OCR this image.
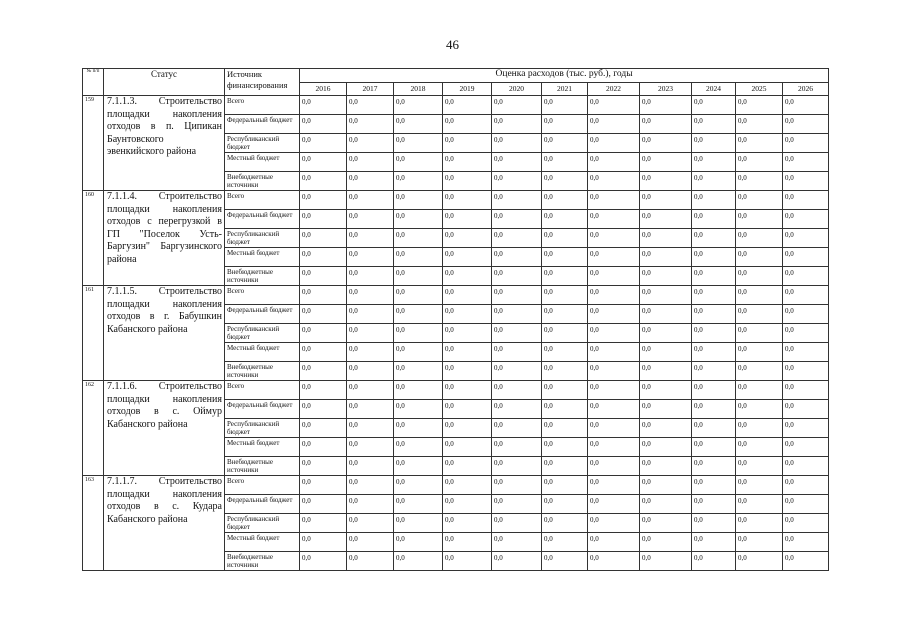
46
№ п/п	Статус	Источник финансирования	Оценка расходов (тыс. руб.), годы										
			2016	2017	2018	2019	2020	2021	2022	2023	2024	2025	2026
159	7.1.1.3. Строительство площадки накопления отходов в п. Ципикан Баунтовского эвенкийского района	Всего	0,0	0,0	0,0	0,0	0,0	0,0	0,0	0,0	0,0	0,0	0,0
		Федеральный бюджет	0,0	0,0	0,0	0,0	0,0	0,0	0,0	0,0	0,0	0,0	0,0
		Республиканский бюджет	0,0	0,0	0,0	0,0	0,0	0,0	0,0	0,0	0,0	0,0	0,0
		Местный бюджет	0,0	0,0	0,0	0,0	0,0	0,0	0,0	0,0	0,0	0,0	0,0
		Внебюджетные источники	0,0	0,0	0,0	0,0	0,0	0,0	0,0	0,0	0,0	0,0	0,0
160	7.1.1.4. Строительство площадки накопления отходов с перегрузкой в ГП "Поселок Усть-Баргузин" Баргузинского района	Всего	0,0	0,0	0,0	0,0	0,0	0,0	0,0	0,0	0,0	0,0	0,0
		Федеральный бюджет	0,0	0,0	0,0	0,0	0,0	0,0	0,0	0,0	0,0	0,0	0,0
		Республиканский бюджет	0,0	0,0	0,0	0,0	0,0	0,0	0,0	0,0	0,0	0,0	0,0
		Местный бюджет	0,0	0,0	0,0	0,0	0,0	0,0	0,0	0,0	0,0	0,0	0,0
		Внебюджетные источники	0,0	0,0	0,0	0,0	0,0	0,0	0,0	0,0	0,0	0,0	0,0
161	7.1.1.5. Строительство площадки накопления отходов в г. Бабушкин Кабанского района	Всего	0,0	0,0	0,0	0,0	0,0	0,0	0,0	0,0	0,0	0,0	0,0
		Федеральный бюджет	0,0	0,0	0,0	0,0	0,0	0,0	0,0	0,0	0,0	0,0	0,0
		Республиканский бюджет	0,0	0,0	0,0	0,0	0,0	0,0	0,0	0,0	0,0	0,0	0,0
		Местный бюджет	0,0	0,0	0,0	0,0	0,0	0,0	0,0	0,0	0,0	0,0	0,0
		Внебюджетные источники	0,0	0,0	0,0	0,0	0,0	0,0	0,0	0,0	0,0	0,0	0,0
162	7.1.1.6. Строительство площадки накопления отходов в с. Оймур Кабанского района	Всего	0,0	0,0	0,0	0,0	0,0	0,0	0,0	0,0	0,0	0,0	0,0
		Федеральный бюджет	0,0	0,0	0,0	0,0	0,0	0,0	0,0	0,0	0,0	0,0	0,0
		Республиканский бюджет	0,0	0,0	0,0	0,0	0,0	0,0	0,0	0,0	0,0	0,0	0,0
		Местный бюджет	0,0	0,0	0,0	0,0	0,0	0,0	0,0	0,0	0,0	0,0	0,0
		Внебюджетные источники	0,0	0,0	0,0	0,0	0,0	0,0	0,0	0,0	0,0	0,0	0,0
163	7.1.1.7. Строительство площадки накопления отходов в с. Кудара Кабанского района	Всего	0,0	0,0	0,0	0,0	0,0	0,0	0,0	0,0	0,0	0,0	0,0
		Федеральный бюджет	0,0	0,0	0,0	0,0	0,0	0,0	0,0	0,0	0,0	0,0	0,0
		Республиканский бюджет	0,0	0,0	0,0	0,0	0,0	0,0	0,0	0,0	0,0	0,0	0,0
		Местный бюджет	0,0	0,0	0,0	0,0	0,0	0,0	0,0	0,0	0,0	0,0	0,0
		Внебюджетные источники	0,0	0,0	0,0	0,0	0,0	0,0	0,0	0,0	0,0	0,0	0,0
